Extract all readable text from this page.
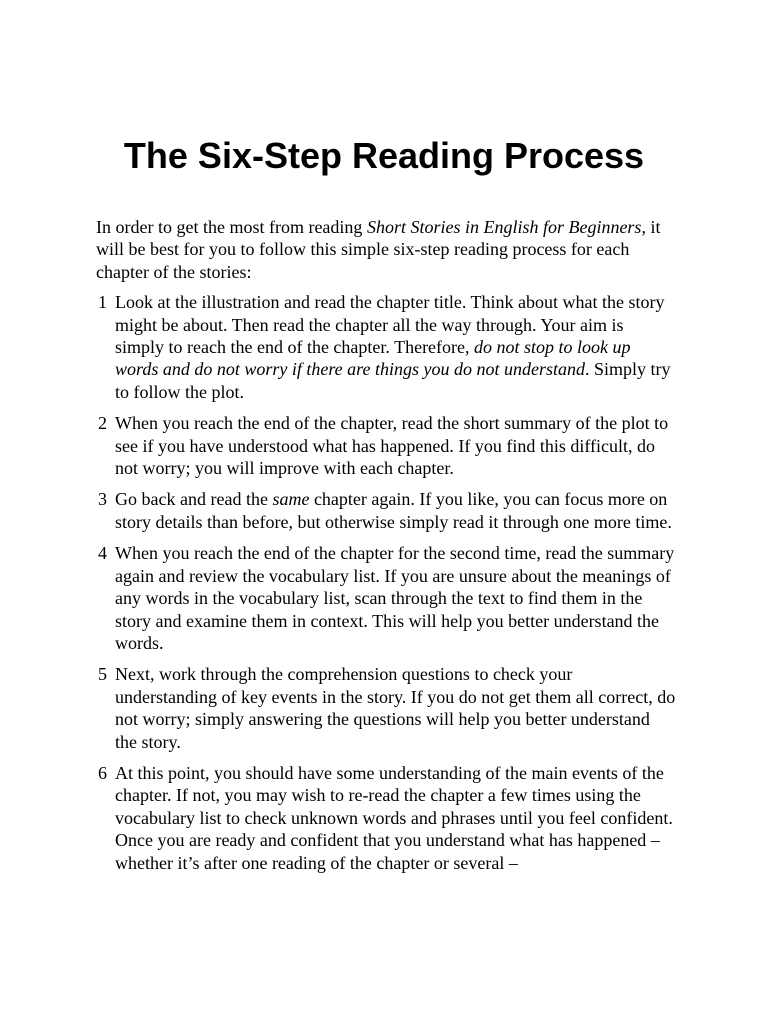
The Six-Step Reading Process

In order to get the most from reading Short Stories in English for Beginners, it will be best for you to follow this simple six-step reading process for each chapter of the stories:

1 Look at the illustration and read the chapter title. Think about what the story might be about. Then read the chapter all the way through. Your aim is simply to reach the end of the chapter. Therefore, do not stop to look up words and do not worry if there are things you do not understand. Simply try to follow the plot.
2 When you reach the end of the chapter, read the short summary of the plot to see if you have understood what has happened. If you find this difficult, do not worry; you will improve with each chapter.
3 Go back and read the same chapter again. If you like, you can focus more on story details than before, but otherwise simply read it through one more time.
4 When you reach the end of the chapter for the second time, read the summary again and review the vocabulary list. If you are unsure about the meanings of any words in the vocabulary list, scan through the text to find them in the story and examine them in context. This will help you better understand the words.
5 Next, work through the comprehension questions to check your understanding of key events in the story. If you do not get them all correct, do not worry; simply answering the questions will help you better understand the story.
6 At this point, you should have some understanding of the main events of the chapter. If not, you may wish to re-read the chapter a few times using the vocabulary list to check unknown words and phrases until you feel confident. Once you are ready and confident that you understand what has happened – whether it’s after one reading of the chapter or several –
